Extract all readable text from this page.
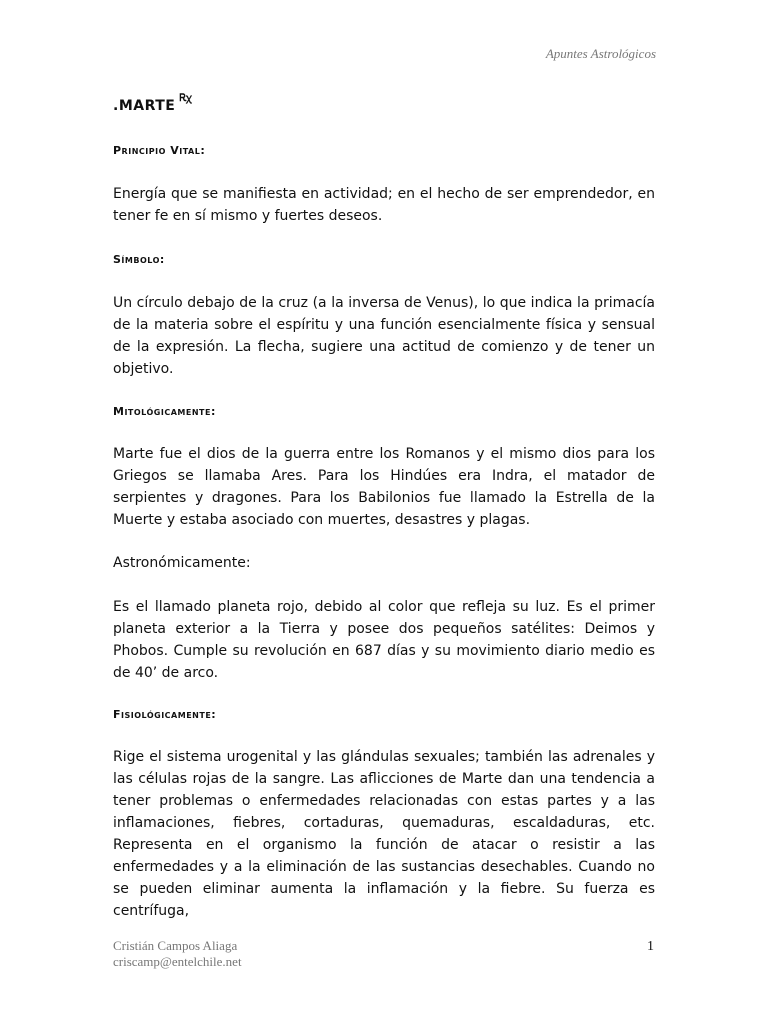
Apuntes Astrológicos
.MARTE Ꭱꭓ
Principio Vital:
Energía que se manifiesta en actividad; en el hecho de ser emprendedor, en tener fe en sí mismo y fuertes deseos.
Símbolo:
Un círculo debajo de la cruz (a la inversa de Venus), lo que indica la primacía de la materia sobre el espíritu y una función esencialmente física y sensual de la expresión. La flecha, sugiere una actitud de comienzo y de tener un objetivo.
Mitológicamente:
Marte fue el dios de la guerra entre los Romanos y el mismo dios para los Griegos se llamaba Ares. Para los Hindúes era Indra, el matador de serpientes y dragones. Para los Babilonios fue llamado la Estrella de la Muerte y estaba asociado con muertes, desastres y plagas.
Astronómicamente:
Es el llamado planeta rojo, debido al color que refleja su luz. Es el primer planeta exterior a la Tierra y posee dos pequeños satélites: Deimos y Phobos. Cumple su revolución en 687 días y su movimiento diario medio es de 40’ de arco.
Fisiológicamente:
Rige el sistema urogenital y las glándulas sexuales; también las adrenales y las células rojas de la sangre. Las aflicciones de Marte dan una tendencia a tener problemas o enfermedades relacionadas con estas partes y a las inflamaciones, fiebres, cortaduras, quemaduras, escaldaduras, etc. Representa en el organismo la función de atacar o resistir a las enfermedades y a la eliminación de las sustancias desechables. Cuando no se pueden eliminar aumenta la inflamación y la fiebre. Su fuerza es centrífuga,
Cristián Campos Aliaga
criscamp@entelchile.net
1
